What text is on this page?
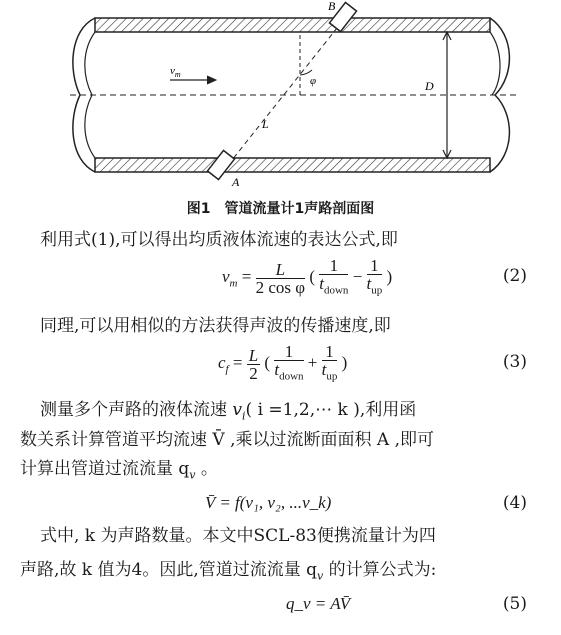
B
A
D
$v_m$
L
φ
图1　管道流量计1声路剖面图
利用式(1),可以得出均质液体流速的表达公式,即
$v_m = \frac{L}{\text{2 cos φ}}$ ( $\frac{1}{t_{down}} - \frac{1}{t_{up}}$ )	(2)
同理,可以用相似的方法获得声波的传播速度,即
$c_f = \frac{L}{2}$ ( $\frac{1}{t_{down}} + \frac{1}{t_{up}}$ )	(3)
测量多个声路的液体流速 $v_i$( i =1,2,⋯ k ),利用函
数关系计算管道平均流速 V̄ ,乘以过流断面面积 A ,即可
计算出管道过流流量 $q_v$ 。
V̄ = f(v₁, v₂, ...v_k)	(4)
式中, k 为声路数量。本文中SCL-83便携流量计为四
声路,故 k 值为4。因此,管道过流流量 $q_v$ 的计算公式为:
q_v = AV̄	(5)
